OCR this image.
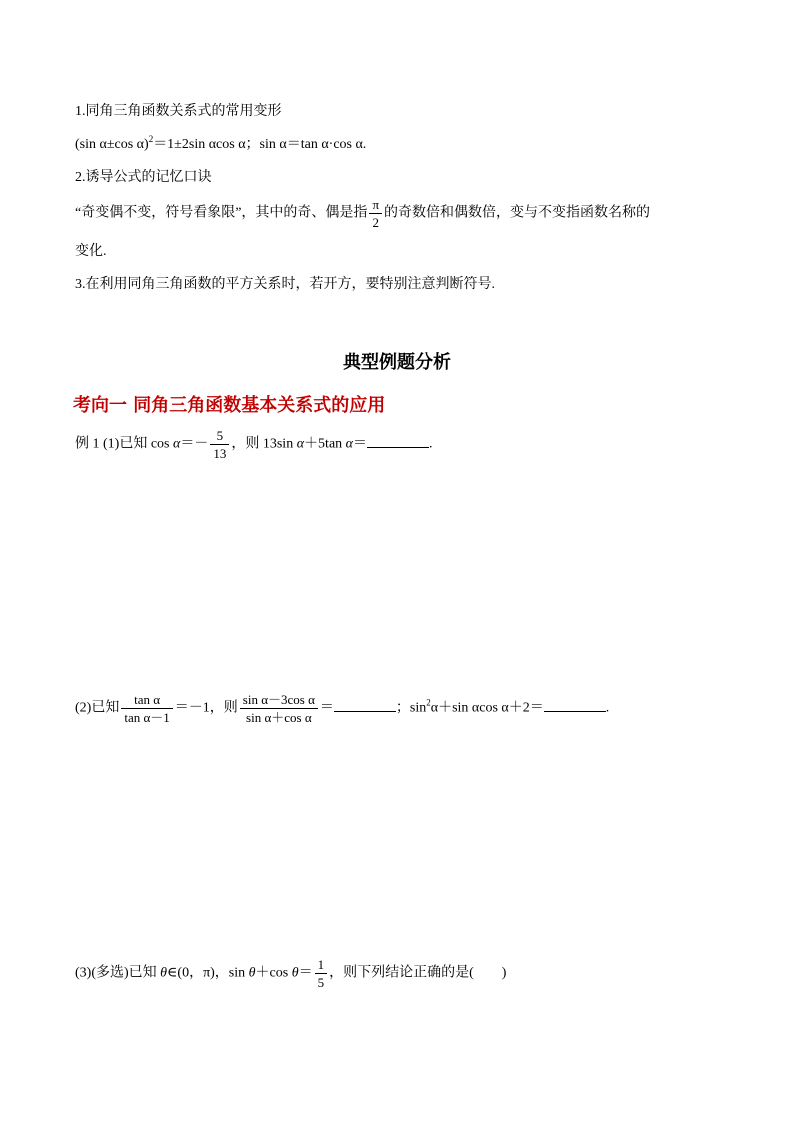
1.同角三角函数关系式的常用变形
(sin α±cos α)$^2$＝1±2sin αcos α；sin α＝tan α·cos α.
2.诱导公式的记忆口诀
“奇变偶不变，符号看象限”，其中的奇、偶是指 $\frac{\pi}{2}$ 的奇数倍和偶数倍，变与不变指函数名称的
变化.
3.在利用同角三角函数的平方关系时，若开方，要特别注意判断符号.
典型例题分析
考向一 同角三角函数基本关系式的应用
例 1 (1)已知 $\cos \alpha=- \frac{5}{13}$ ，则 13sin α＋5tan α＝	.
(2)已知 $\frac{\text{tan α}}{\text{tan α－1}} =-1$，则 $\frac{\text{sin α－3cos α}}{\text{sin α＋cos α}}$ ＝	；$\sin^2\alpha+\sin$ αcos α＋2＝	.
(3)(多选)已知 θ∈(0，π)，sin θ＋cos $\theta= \frac{1}{5}$ ，则下列结论正确的是(　　)
